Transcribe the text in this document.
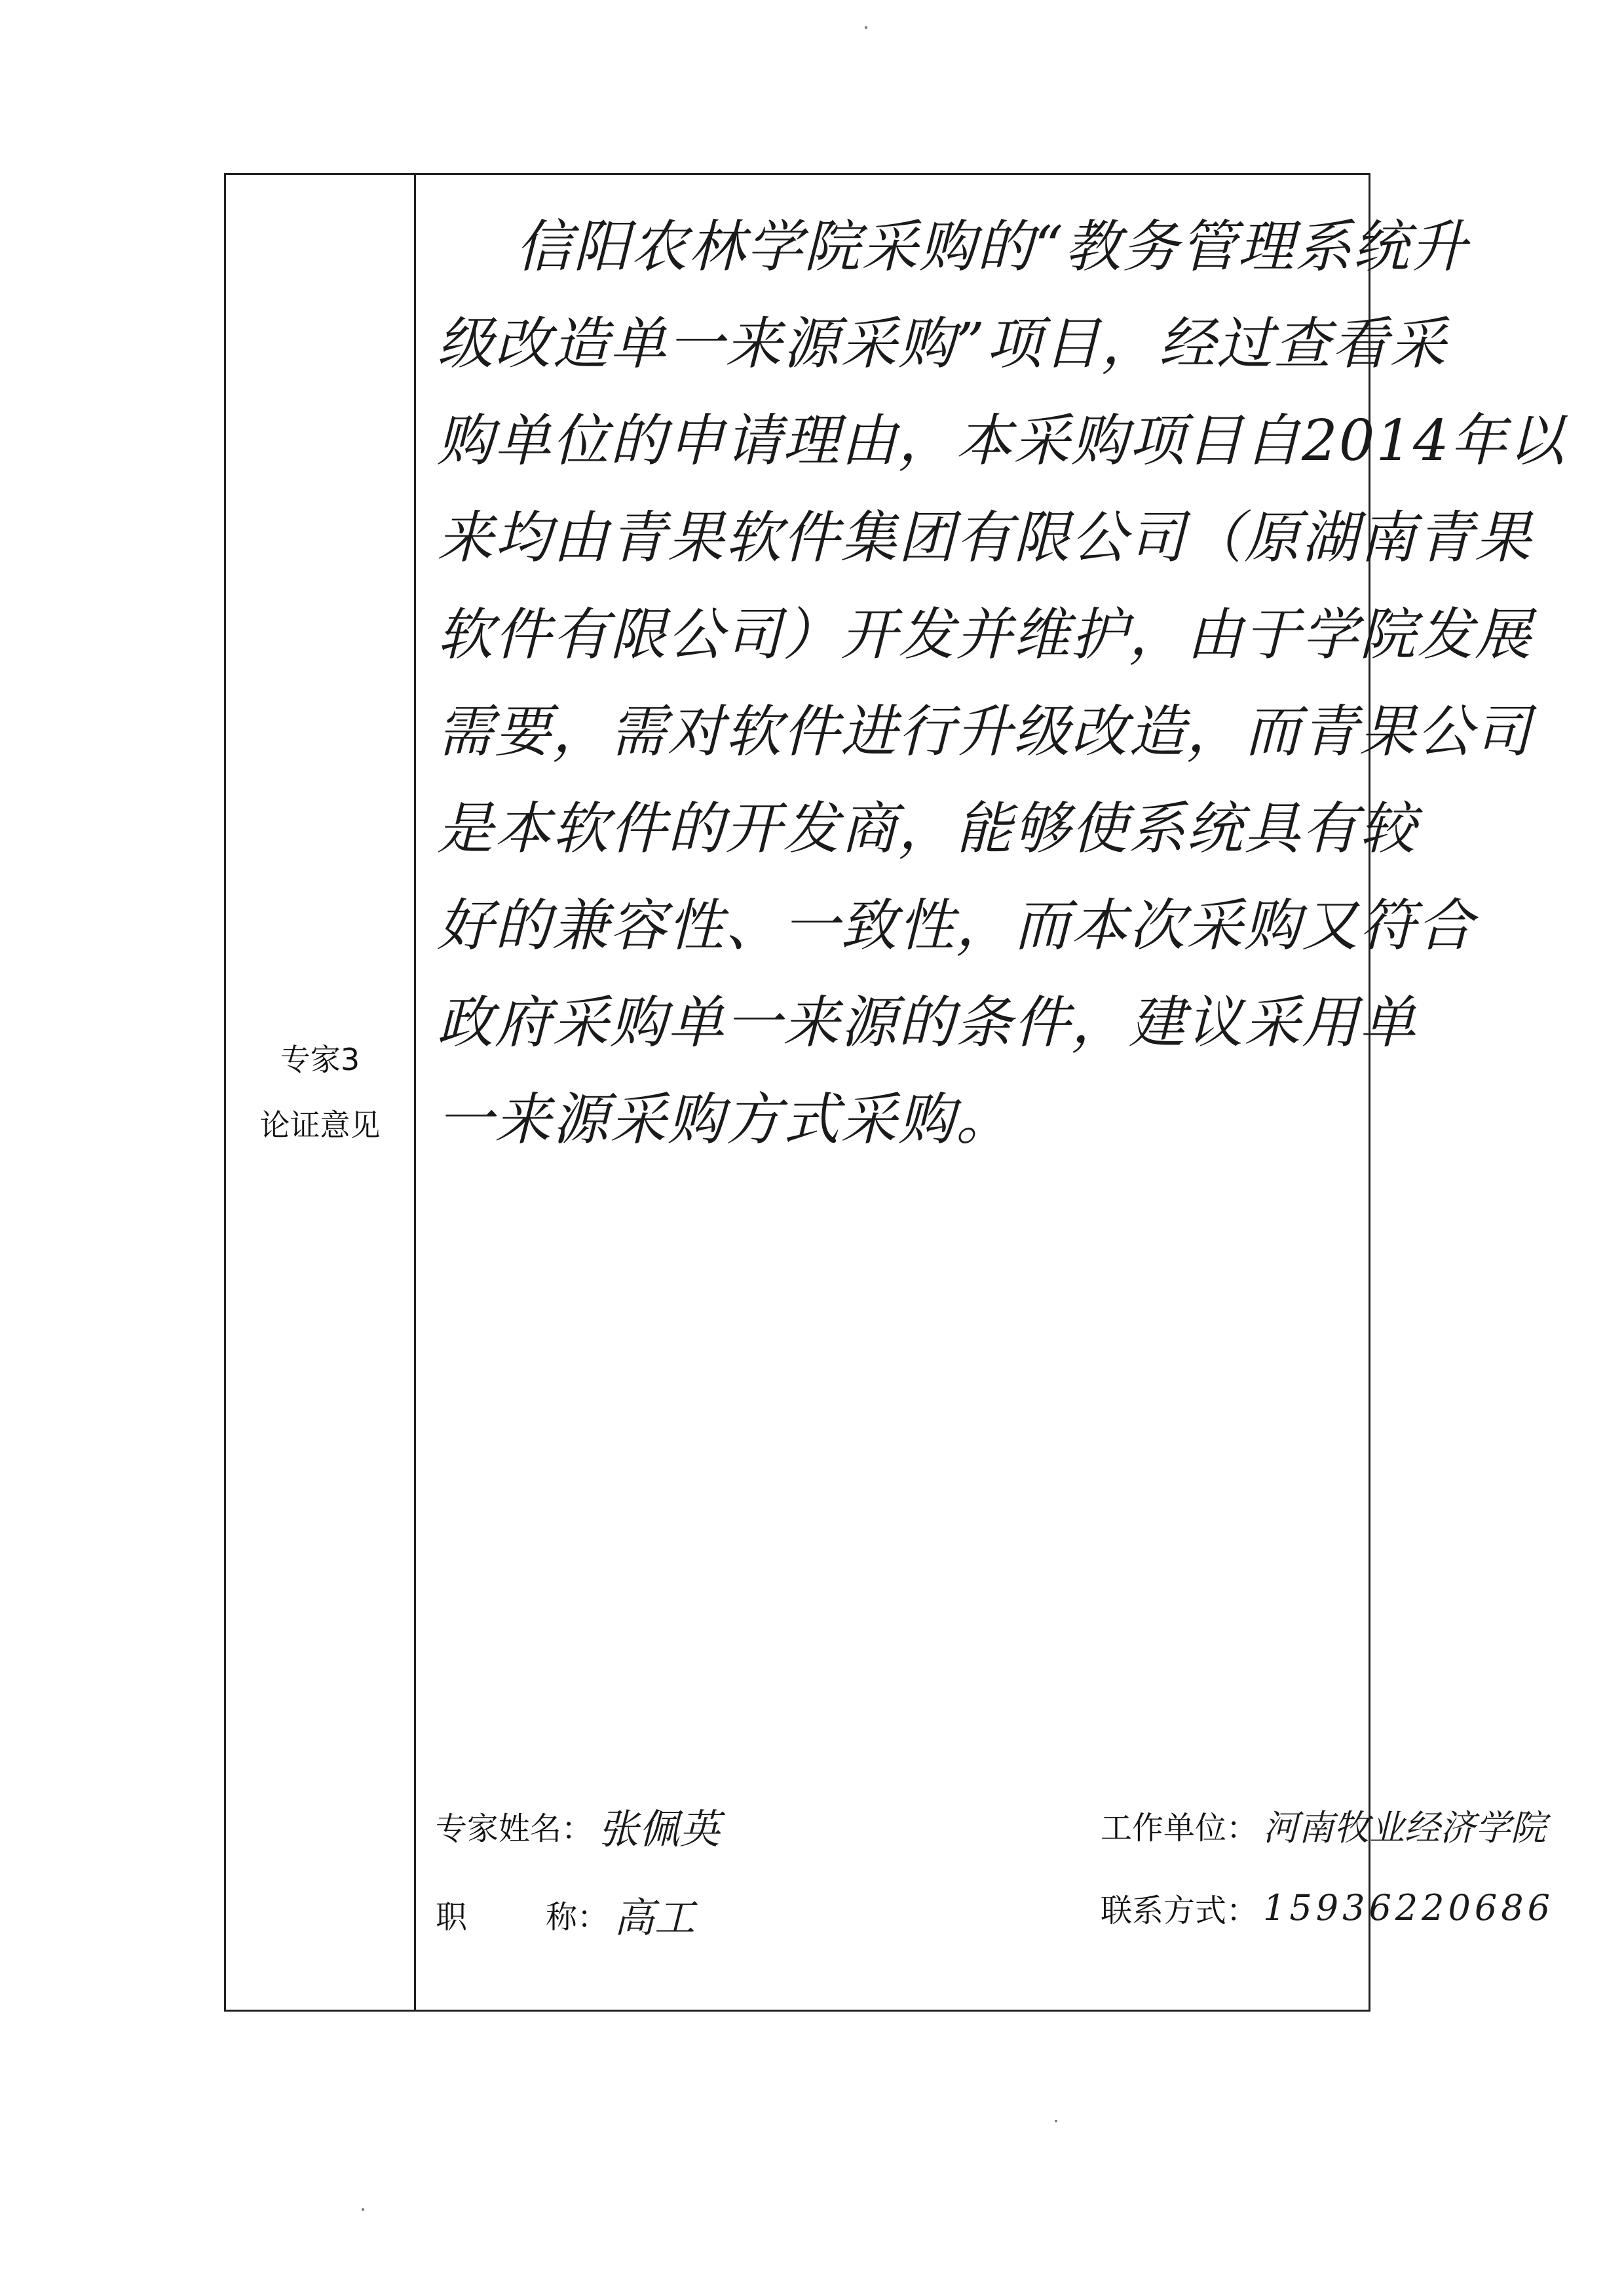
专家3
论证意见
信阳农林学院采购的“教务管理系统升
级改造单一来源采购”项目，经过查看采
购单位的申请理由，本采购项目自2014年以
来均由青果软件集团有限公司（原湖南青果
软件有限公司）开发并维护，由于学院发展
需要，需对软件进行升级改造，而青果公司
是本软件的开发商，能够使系统具有较
好的兼容性、一致性，而本次采购又符合
政府采购单一来源的条件，建议采用单
一来源采购方式采购。
专家姓名： 张佩英
职	称： 高工
工作单位： 河南牧业经济学院
联系方式： 15936220686
